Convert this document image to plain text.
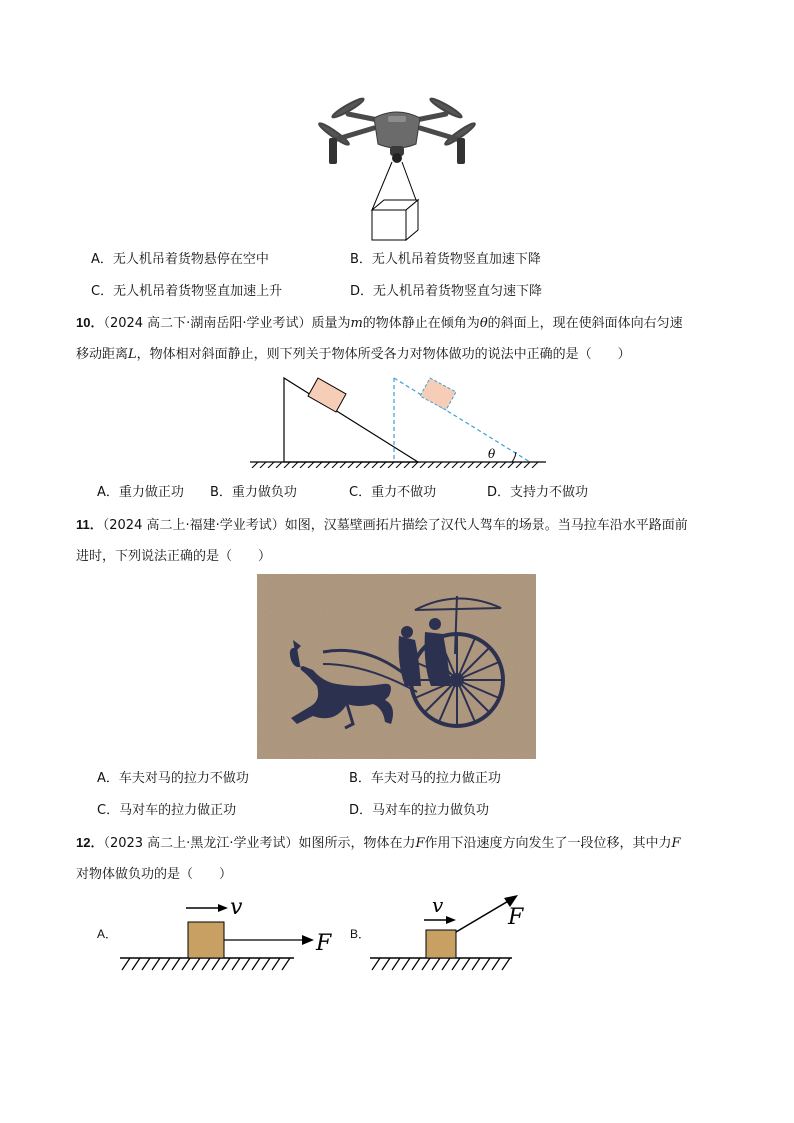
A．无人机吊着货物悬停在空中	B．无人机吊着货物竖直加速下降
C．无人机吊着货物竖直加速上升	D．无人机吊着货物竖直匀速下降
10．（2024 高二下·湖南岳阳·学业考试）质量为m的物体静止在倾角为θ的斜面上，现在使斜面体向右匀速
移动距离L，物体相对斜面静止，则下列关于物体所受各力对物体做功的说法中正确的是（　　）
θ
A．重力做正功 B．重力做负功	C．重力不做功	D．支持力不做功
11．（2024 高二上·福建·学业考试）如图，汉墓壁画拓片描绘了汉代人驾车的场景。当马拉车沿水平路面前
进时，下列说法正确的是（　　）
A．车夫对马的拉力不做功	B．车夫对马的拉力做正功
C．马对车的拉力做正功	D．马对车的拉力做负功
12．（2023 高二上·黑龙江·学业考试）如图所示，物体在力F作用下沿速度方向发生了一段位移，其中力F
对物体做负功的是（　　）
A．
v
F B．
v	F
